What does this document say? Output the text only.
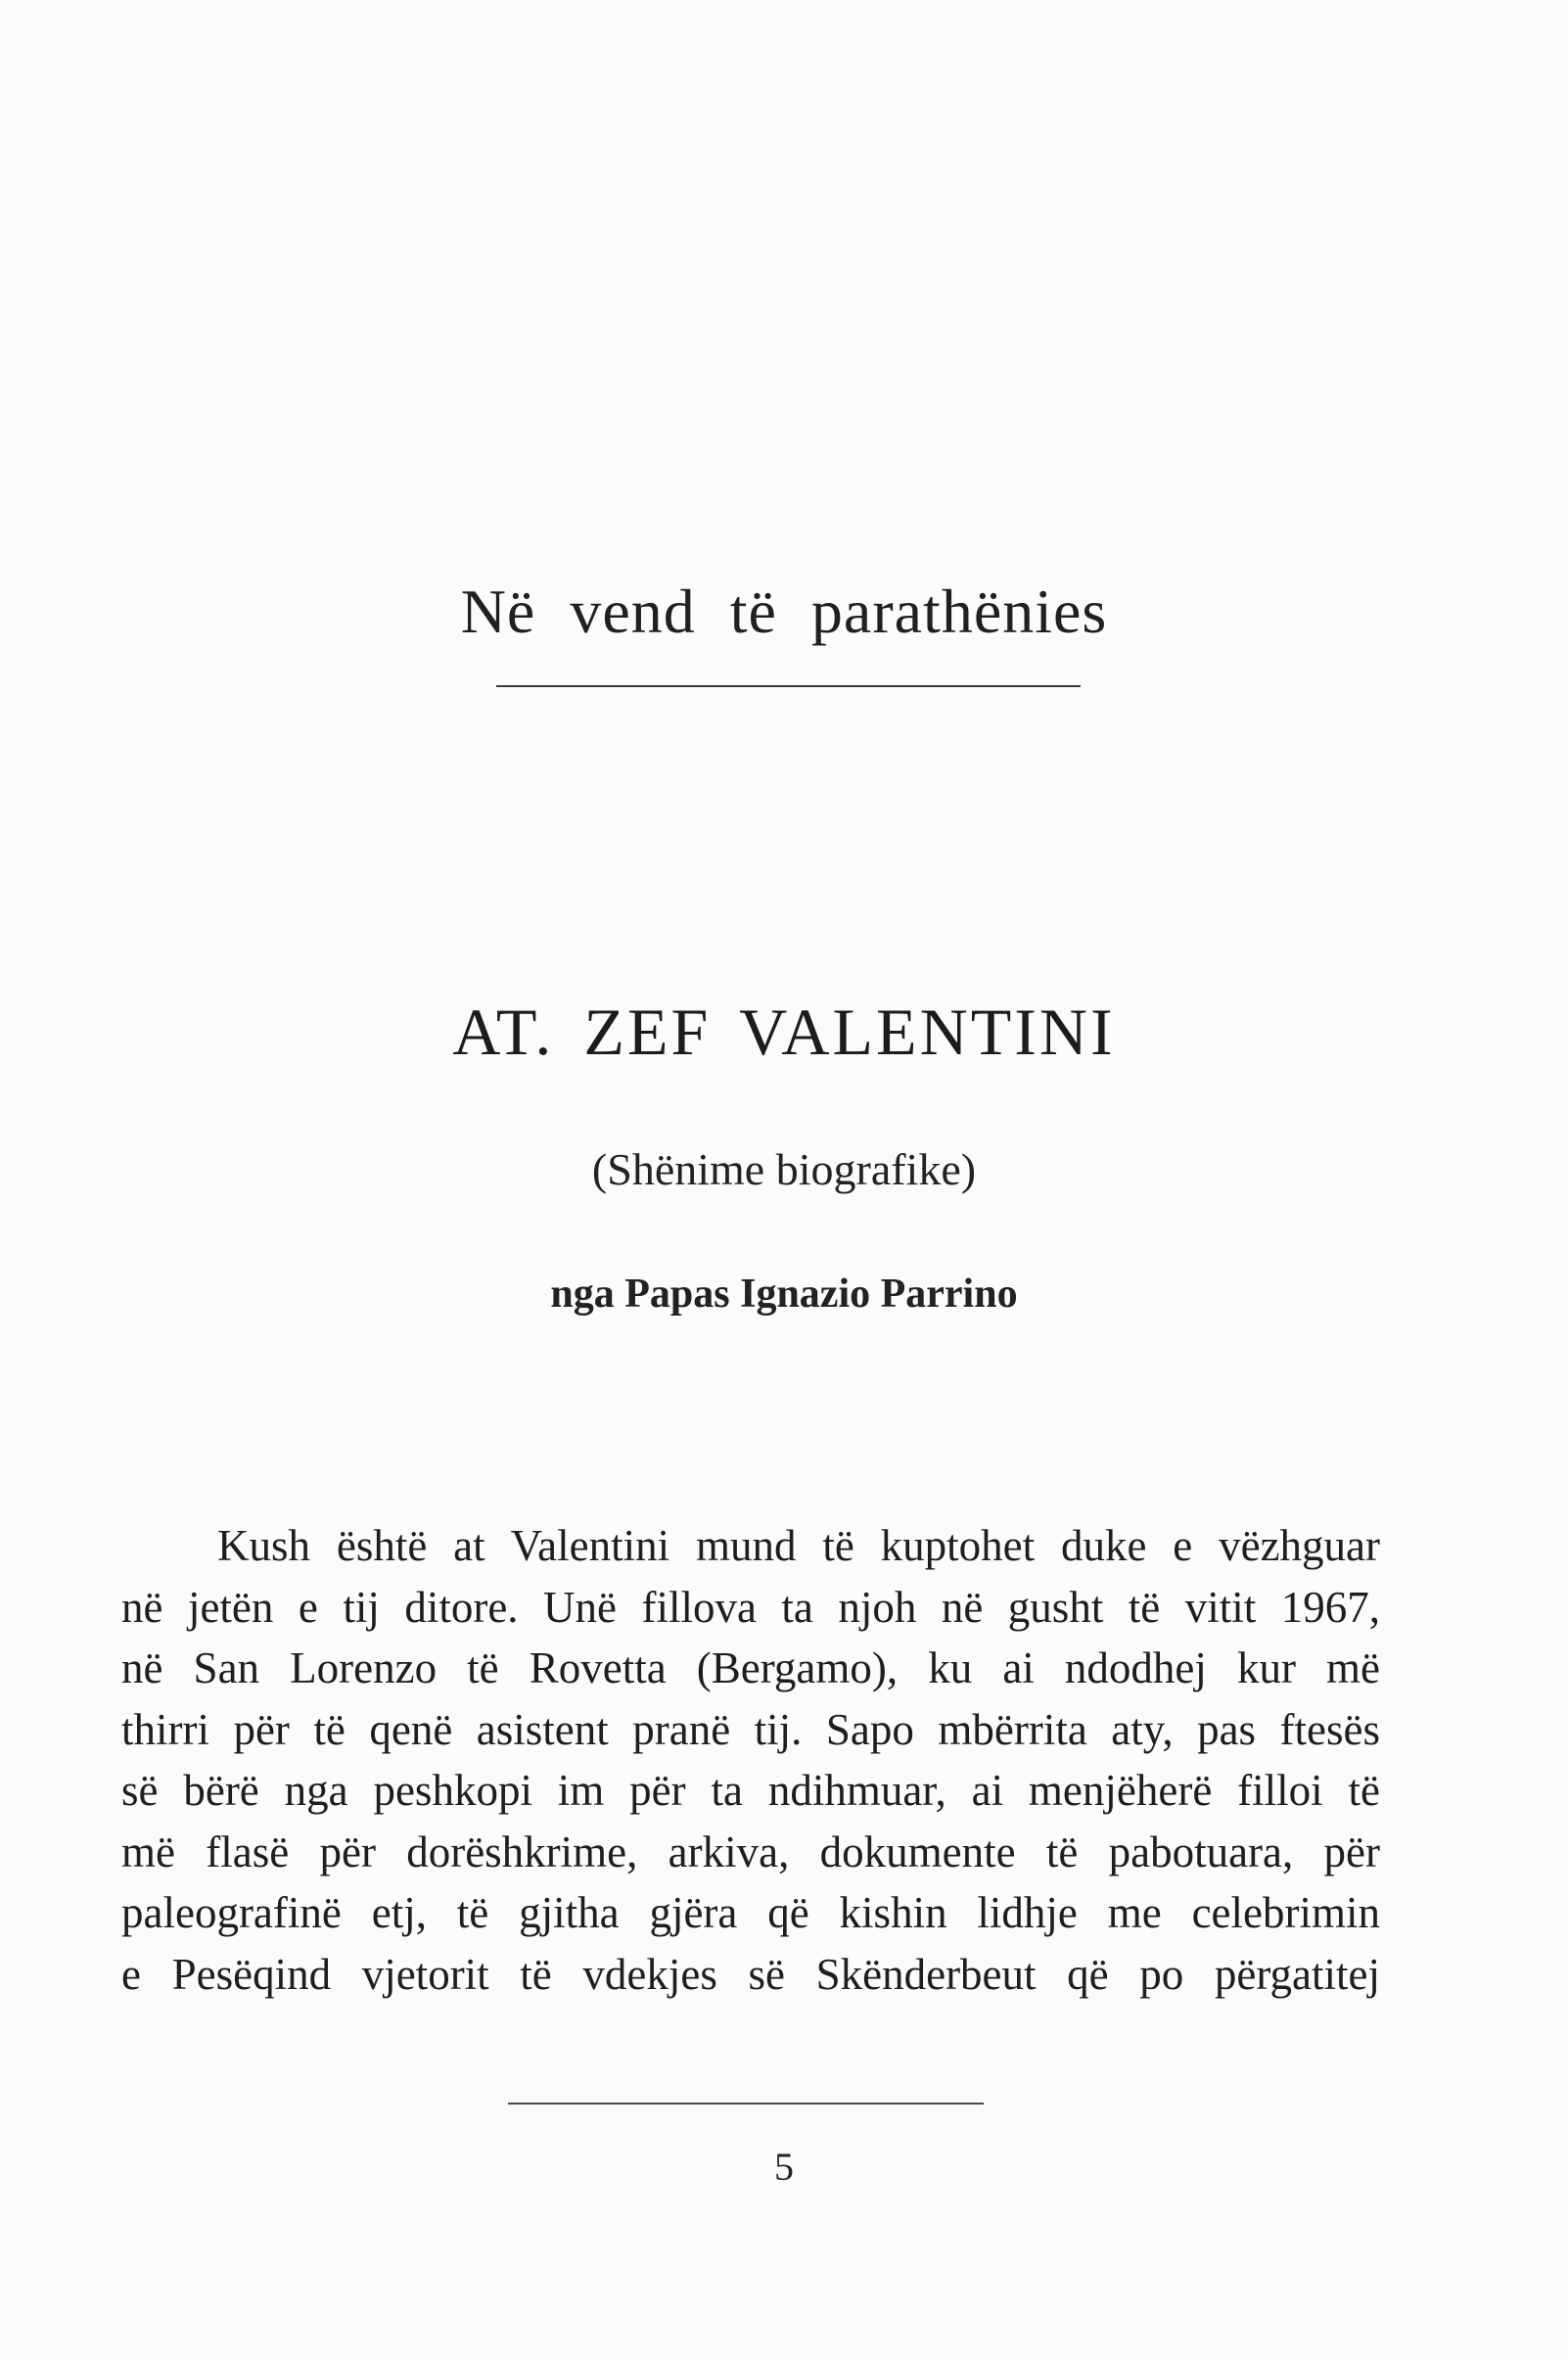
Në vend të parathënies
AT. ZEF VALENTINI
(Shënime biografike)
nga Papas Ignazio Parrino
Kush është at Valentini mund të kuptohet duke e vëzhguar
në jetën e tij ditore. Unë fillova ta njoh në gusht të vitit 1967,
në San Lorenzo të Rovetta (Bergamo), ku ai ndodhej kur më
thirri për të qenë asistent pranë tij. Sapo mbërrita aty, pas ftesës
së bërë nga peshkopi im për ta ndihmuar, ai menjëherë filloi të
më flasë për dorëshkrime, arkiva, dokumente të pabotuara, për
paleografinë etj, të gjitha gjëra që kishin lidhje me celebrimin
e Pesëqind vjetorit të vdekjes së Skënderbeut që po përgatitej
5
